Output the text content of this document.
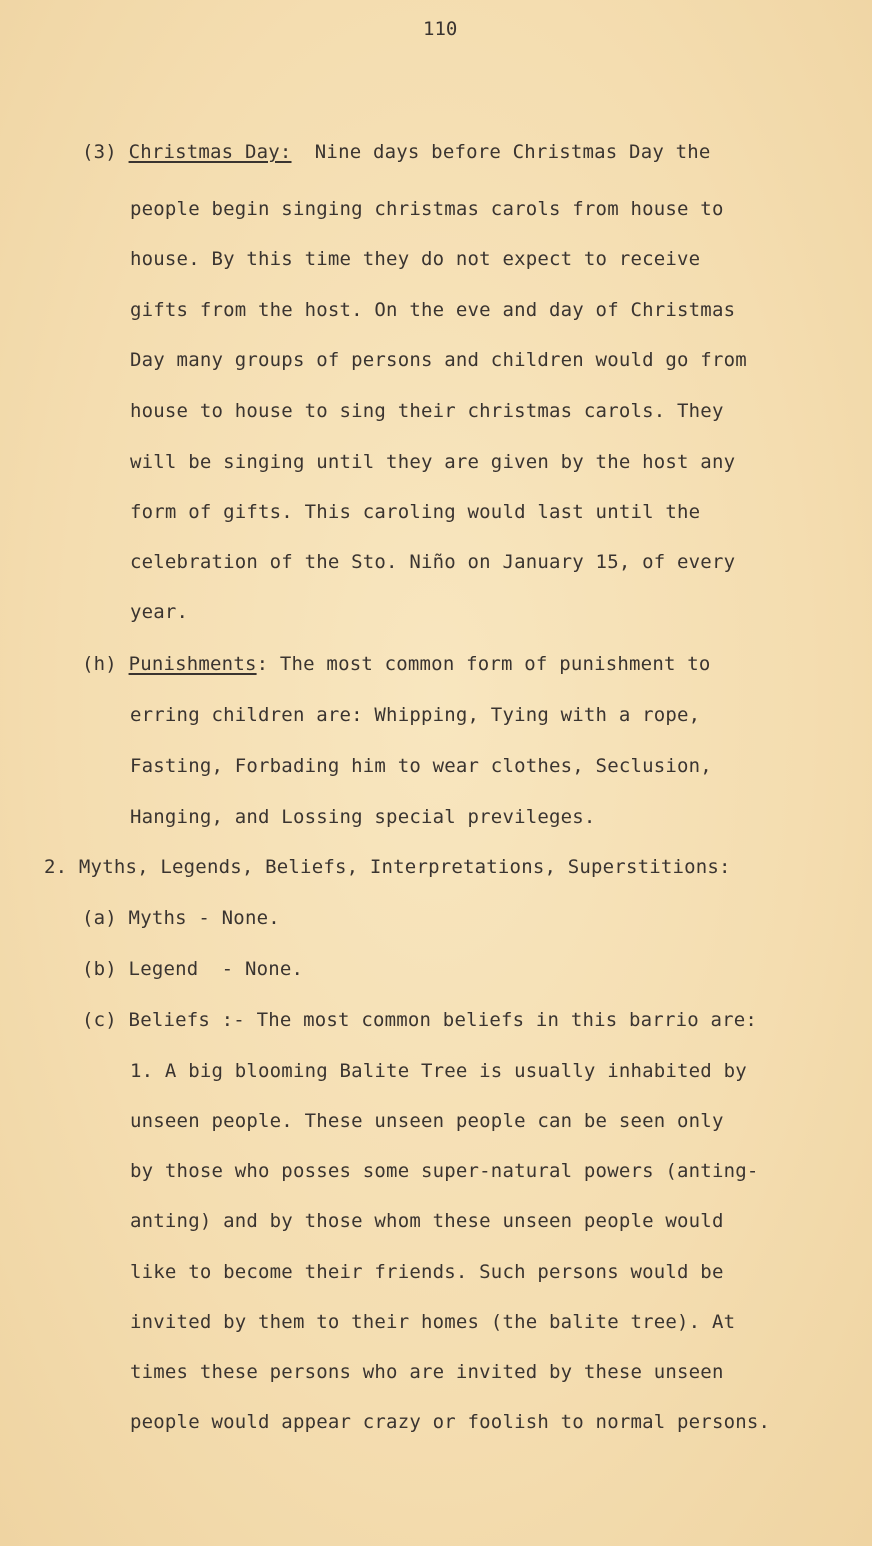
110
(3) Christmas Day: Nine days before Christmas Day the
people begin singing christmas carols from house to
house. By this time they do not expect to receive
gifts from the host. On the eve and day of Christmas
Day many groups of persons and children would go from
house to house to sing their christmas carols. They
will be singing until they are given by the host any
form of gifts. This caroling would last until the
celebration of the Sto. Niño on January 15, of every
year.
(h) Punishments: The most common form of punishment to
erring children are: Whipping, Tying with a rope,
Fasting, Forbading him to wear clothes, Seclusion,
Hanging, and Lossing special previleges.
2. Myths, Legends, Beliefs, Interpretations, Superstitions:
(a) Myths - None.
(b) Legend  - None.
(c) Beliefs :- The most common beliefs in this barrio are:
1. A big blooming Balite Tree is usually inhabited by
unseen people. These unseen people can be seen only
by those who posses some super-natural powers (anting-
anting) and by those whom these unseen people would
like to become their friends. Such persons would be
invited by them to their homes (the balite tree). At
times these persons who are invited by these unseen
people would appear crazy or foolish to normal persons.
